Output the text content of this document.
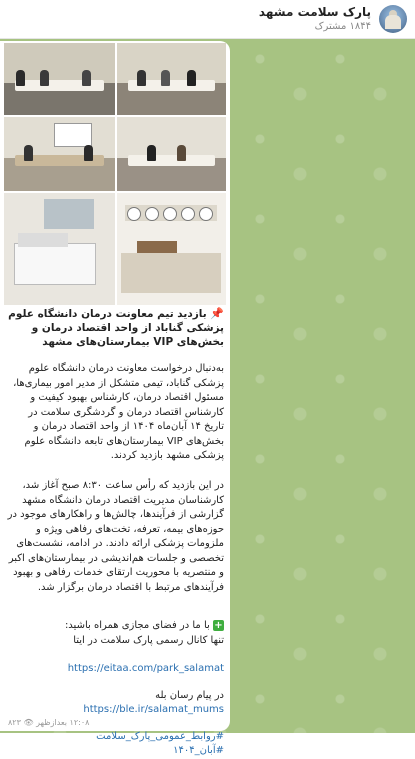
پارک سلامت مشهد
۱۸۴۴ مشترک
📌 بازدید تیم معاونت درمان دانشگاه علوم پزشکی گناباد از واحد اقتصاد درمان و بخش‌های VIP بیمارستان‌های مشهد
به‌دنبال درخواست معاونت درمان دانشگاه علوم پزشکی گناباد، تیمی متشکل از مدیر امور بیماری‌ها، مسئول اقتصاد درمان، کارشناس بهبود کیفیت و کارشناس اقتصاد درمان و گردشگری سلامت در تاریخ ۱۴ آبان‌ماه ۱۴۰۴ از واحد اقتصاد درمان و بخش‌های VIP بیمارستان‌های تابعه دانشگاه علوم پزشکی مشهد بازدید کردند.
در این بازدید که رأس ساعت ۸:۳۰ صبح آغاز شد، کارشناسان مدیریت اقتصاد درمان دانشگاه مشهد گزارشی از فرآیندها، چالش‌ها و راهکارهای موجود در حوزه‌های بیمه، تعرفه، تخت‌های رفاهی ویژه و ملزومات پزشکی ارائه دادند. در ادامه، نشست‌های تخصصی و جلسات هم‌اندیشی در بیمارستان‌های اکبر و منتصریه با محوریت ارتقای خدمات رفاهی و بهبود فرآیندهای مرتبط با اقتصاد درمان برگزار شد.
+ با ما در فضای مجازی همراه باشید:
تنها کانال رسمی پارک سلامت در ایتا
https://eitaa.com/park_salamat
در پیام رسان بله
https://ble.ir/salamat_mums
#روابط_عمومی_پارک_سلامت
#آبان_۱۴۰۴
۱۲:۰۸ بعدازظهر 👁 ۸۲۳
